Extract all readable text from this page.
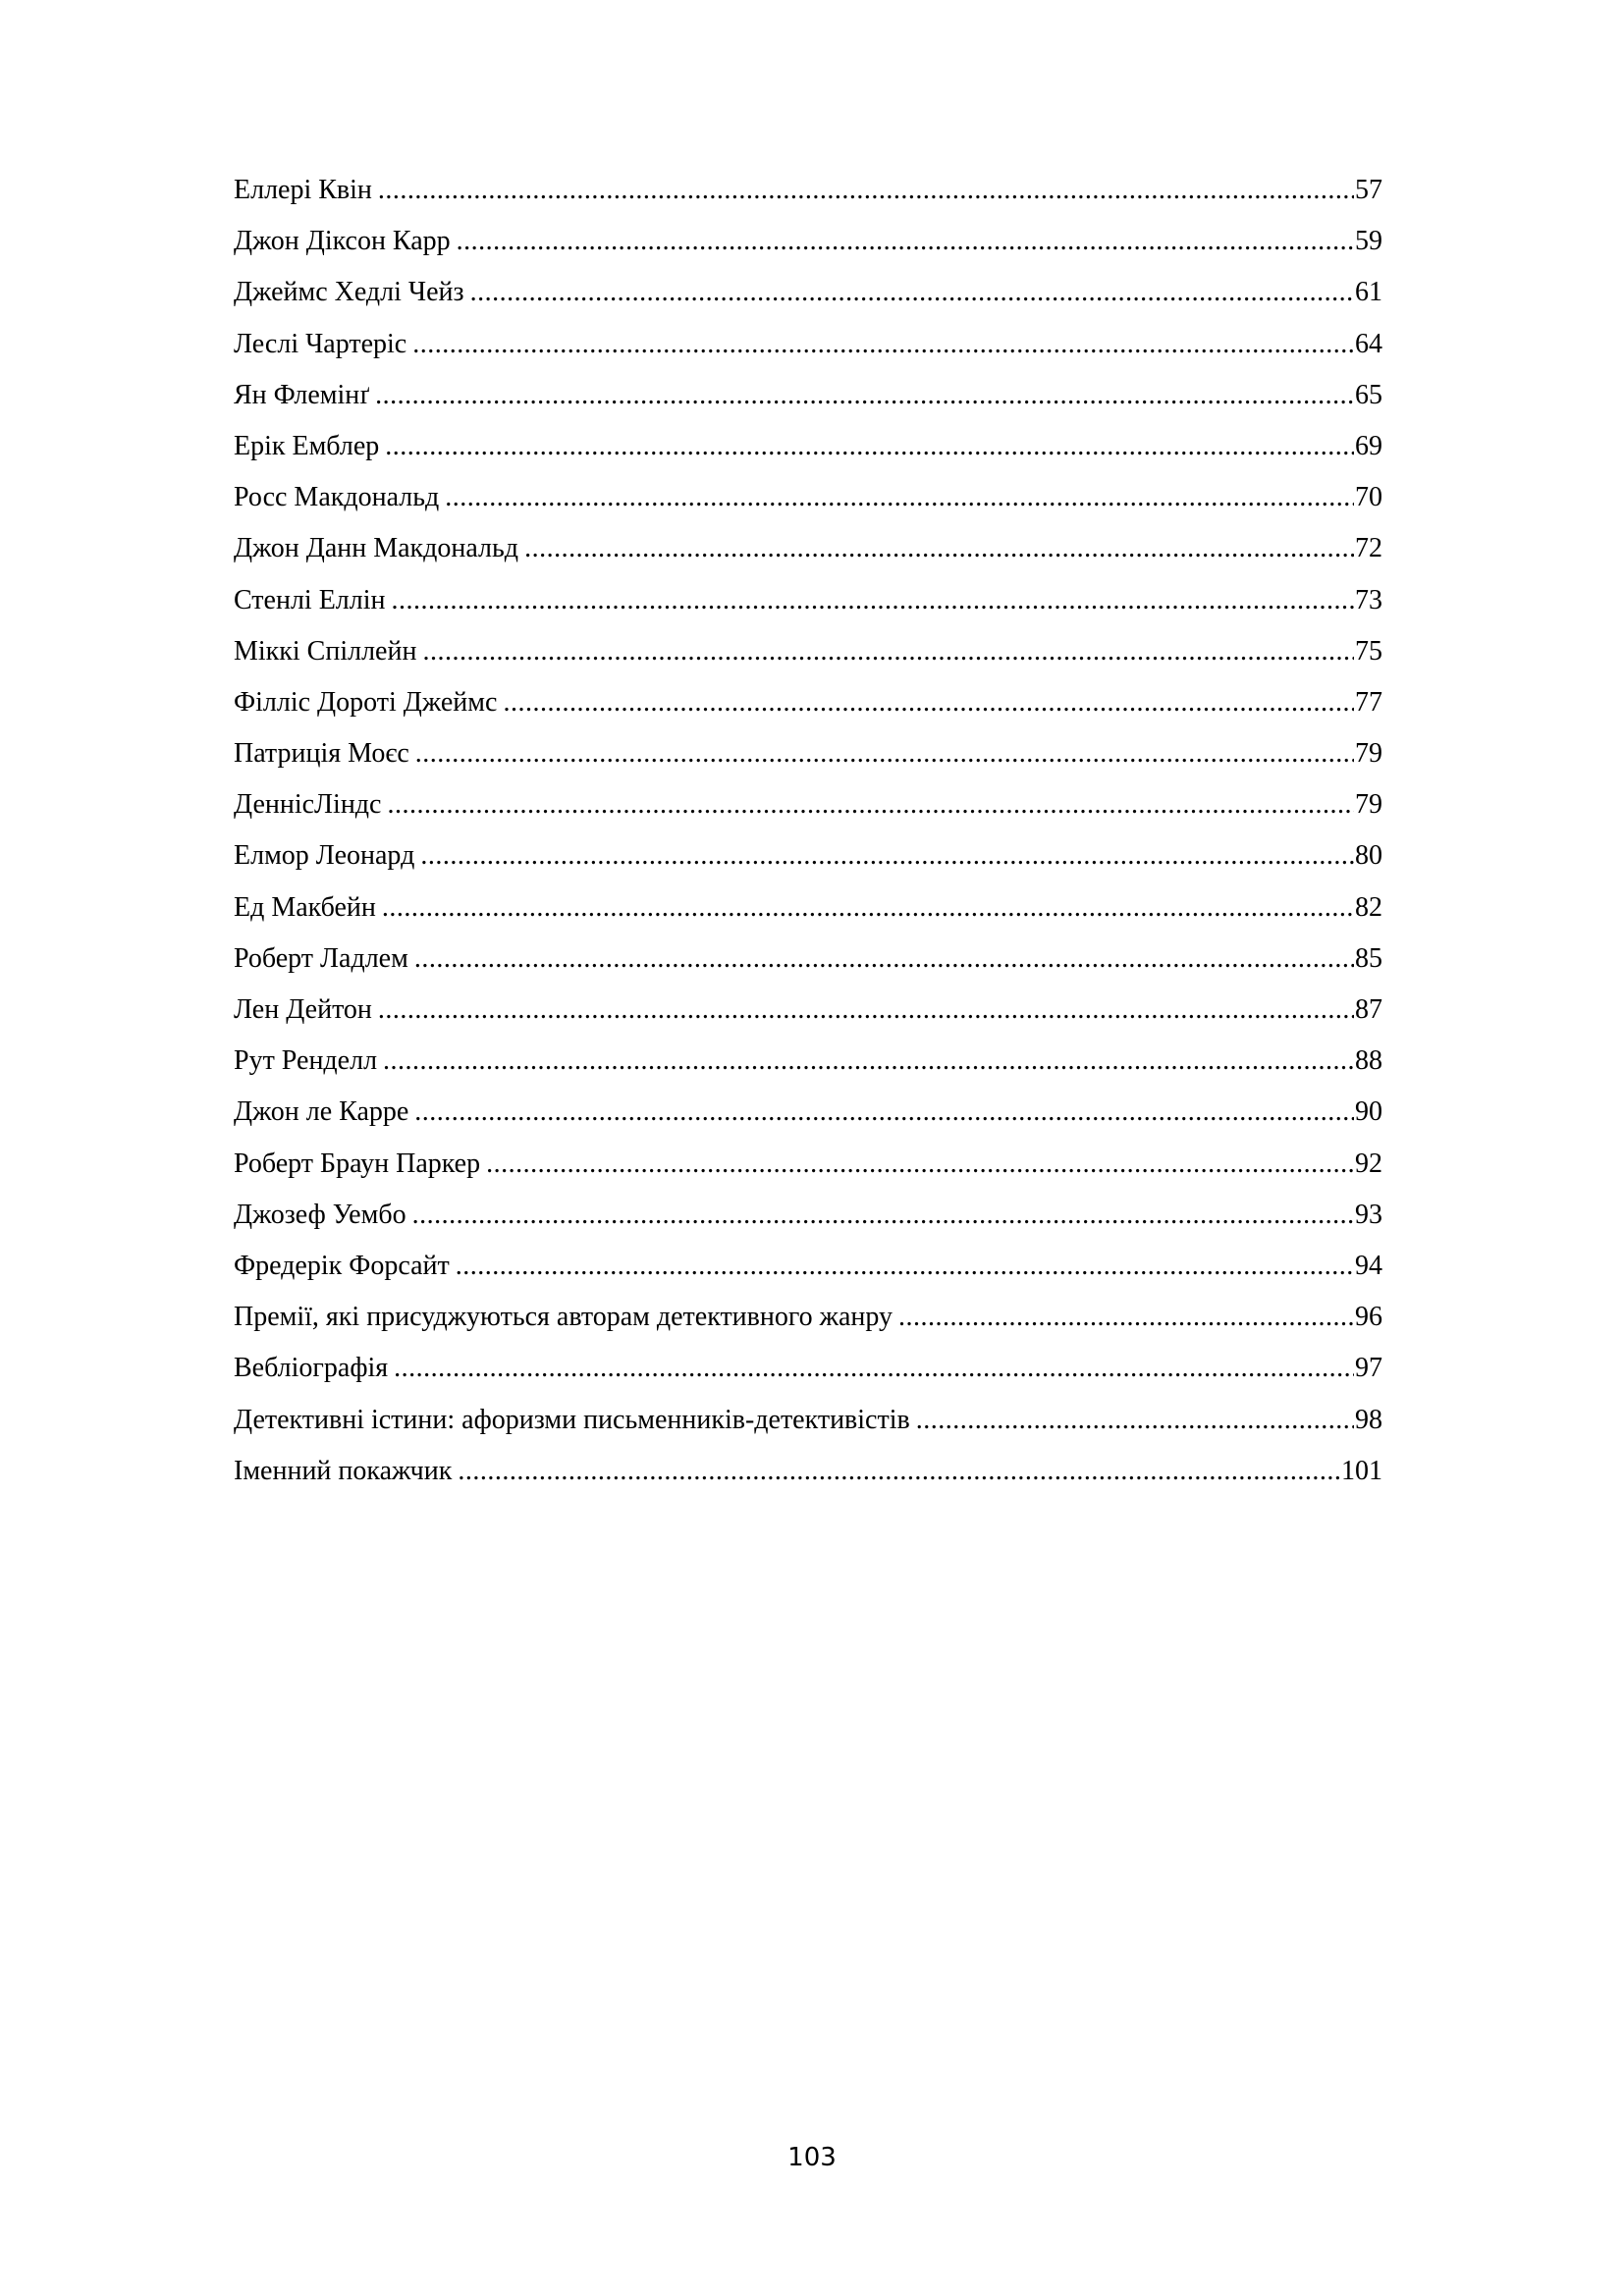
Еллері Квін .....	57
Джон Діксон Карр .....	59
Джеймс Хедлі Чейз .....	61
Леслі Чартеріс .....	64
Ян Флемінґ .....	65
Ерік Емблер .....	69
Росс Макдональд .....	70
Джон Данн Макдональд .....	72
Стенлі Еллін .....	73
Міккі Спіллейн .....	75
Філліс Дороті Джеймс .....	77
Патриція Моєс .....	79
ДеннісЛіндс .....	79
Елмор Леонард .....	80
Ед Макбейн .....	82
Роберт Ладлем .....	85
Лен Дейтон .....	87
Рут Ренделл .....	88
Джон ле Карре .....	90
Роберт Браун Паркер .....	92
Джозеф Уембо .....	93
Фредерік Форсайт .....	94
Премії, які присуджуються авторам детективного жанру .....	96
Веблiографія .....	97
Детективні істини: афоризми письменників-детективістів .....	98
Іменний покажчик .....	101
103
